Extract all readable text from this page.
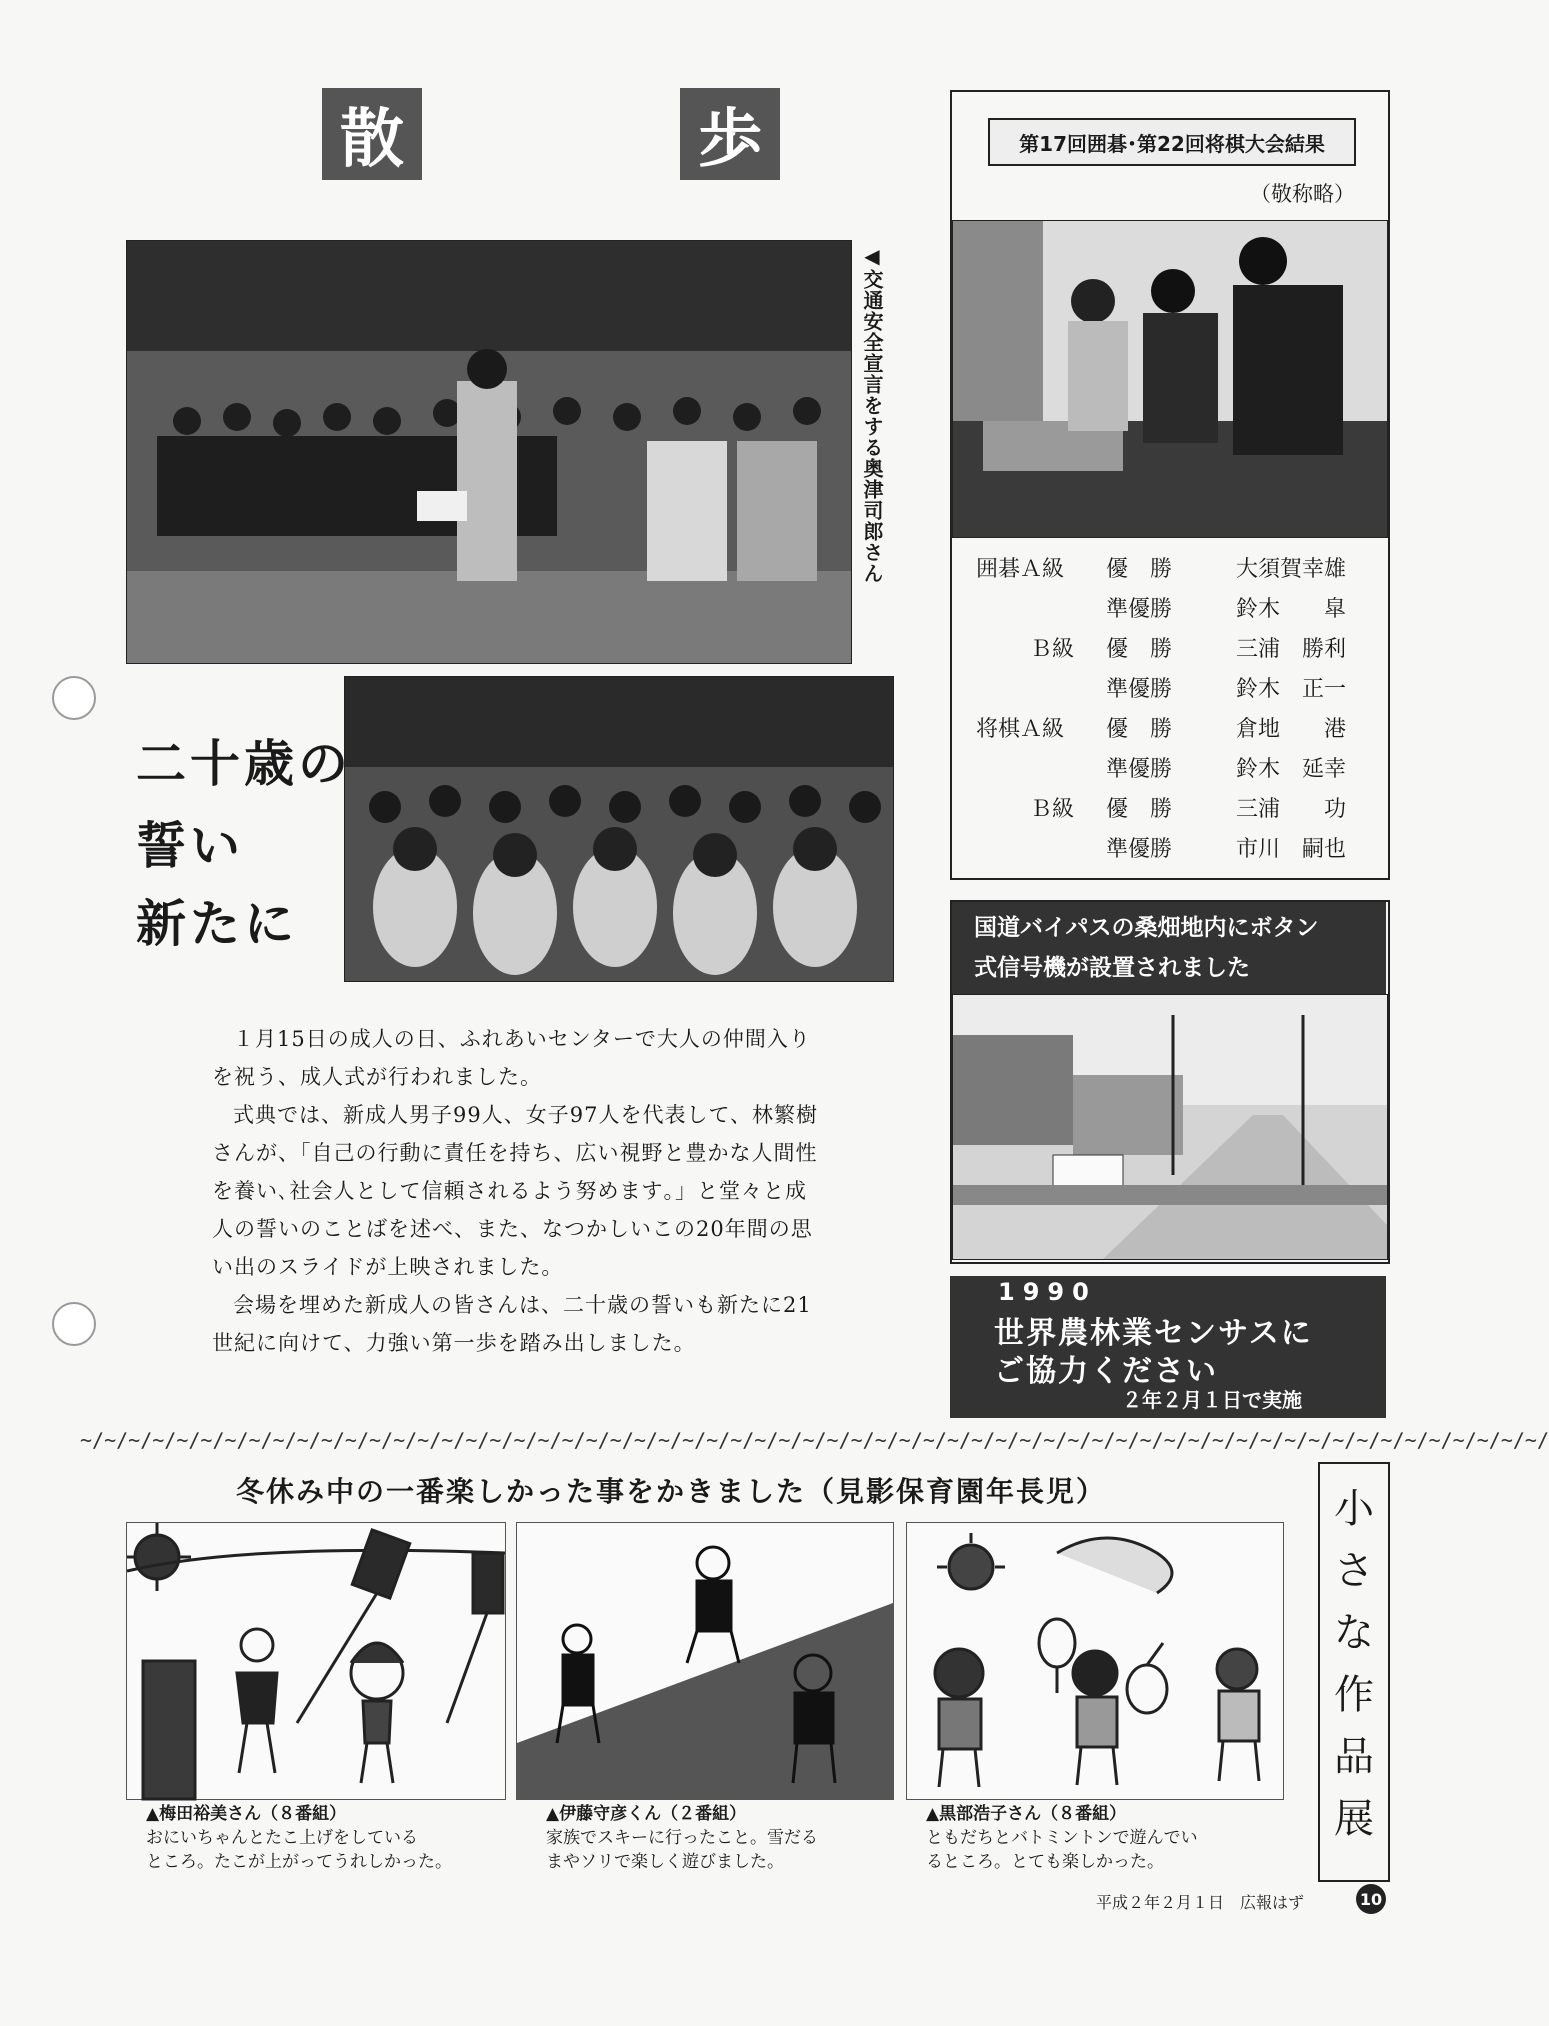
散	歩
◀交通安全宣言をする奥津司郎さん
二十歳の
誓い
新たに

１月15日の成人の日、ふれあいセンターで大人の仲間入りを祝う、成人式が行われました。

式典では、新成人男子99人、女子97人を代表して、林繁樹さんが、「自己の行動に責任を持ち、広い視野と豊かな人間性を養い､社会人として信頼されるよう努めます｡」と堂々と成人の誓いのことばを述べ、また、なつかしいこの20年間の思い出のスライドが上映されました。

会場を埋めた新成人の皆さんは、二十歳の誓いも新たに21世紀に向けて、力強い第一歩を踏み出しました。

第17回囲碁･第22回将棋大会結果
（敬称略）
囲碁Ａ級 優　勝	大須賀幸雄
準優勝	鈴木　　皐
Ｂ級 優　勝	三浦　勝利
準優勝	鈴木　正一
将棋Ａ級 優　勝	倉地　　港
準優勝	鈴木　延幸
Ｂ級 優　勝	三浦　　功
準優勝	市川　嗣也
国道バイパスの桑畑地内にボタン
式信号機が設置されました
1990
世界農林業センサスに
ご協力ください
２年２月１日で実施
~∕~∕~∕~∕~∕~∕~∕~∕~∕~∕~∕~∕~∕~∕~∕~∕~∕~∕~∕~∕~∕~∕~∕~∕~∕~∕~∕~∕~∕~∕~∕~∕~∕~∕~∕~∕~∕~∕~∕~∕~∕~∕~∕~∕~∕~∕~∕~∕~∕~∕~∕~∕~∕~∕~∕~∕~∕~∕~∕~∕~∕
冬休み中の一番楽しかった事をかきました（見影保育園年長児）	小
さ
な
作
品
展
▲梅田裕美さん（８番組）
おにいちゃんとたこ上げをしている
ところ。たこが上がってうれしかった。
▲伊藤守彦くん（２番組）
家族でスキーに行ったこと。雪だる
まやソリで楽しく遊びました。
▲黒部浩子さん（８番組）
ともだちとバトミントンで遊んでい
るところ。とても楽しかった。
平成２年２月１日　広報はず	10
